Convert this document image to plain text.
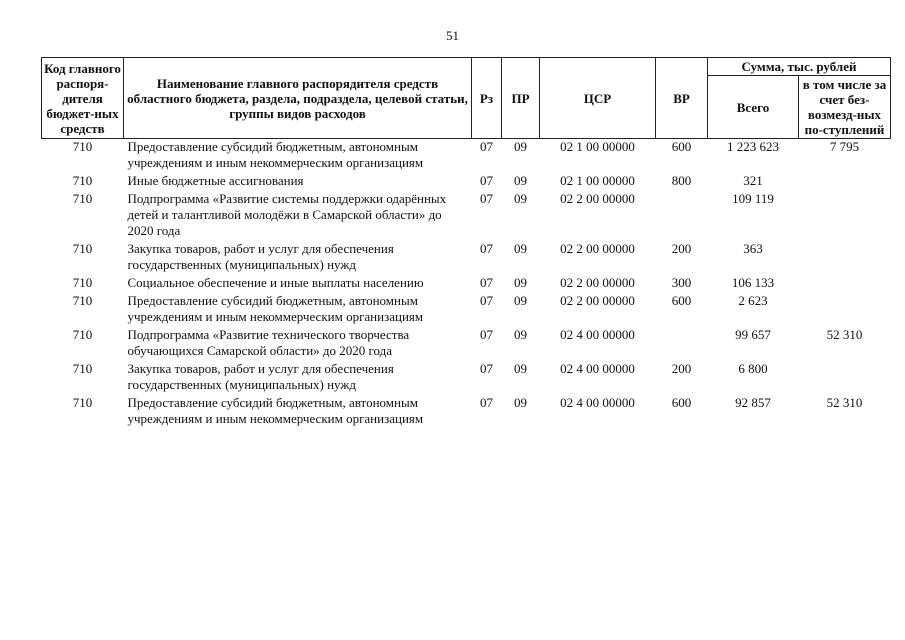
51
Код главного распоря-дителя бюджет-ных средств	Наименование главного распорядителя средств областного бюджета, раздела, подраздела, целевой статьи, группы видов расходов	Рз	ПР	ЦСР	ВР	Сумма, тыс. рублей	
						Всего	в том числе за счет без-возмезд-ных по-ступлений
710	Предоставление субсидий бюджетным, автономным учреждениям и иным некоммерческим организациям	07	09	02 1 00 00000	600	1 223 623	7 795
710	Иные бюджетные ассигнования	07	09	02 1 00 00000	800	321	
710	Подпрограмма «Развитие системы поддержки одарённых детей и талантливой молодёжи в Самарской области» до 2020 года	07	09	02 2 00 00000		109 119	
710	Закупка товаров, работ и услуг для обеспечения государственных (муниципальных) нужд	07	09	02 2 00 00000	200	363	
710	Социальное обеспечение и иные выплаты населению	07	09	02 2 00 00000	300	106 133	
710	Предоставление субсидий бюджетным, автономным учреждениям и иным некоммерческим организациям	07	09	02 2 00 00000	600	2 623	
710	Подпрограмма «Развитие технического творчества обучающихся Самарской области» до 2020 года	07	09	02 4 00 00000		99 657	52 310
710	Закупка товаров, работ и услуг для обеспечения государственных (муниципальных) нужд	07	09	02 4 00 00000	200	6 800	
710	Предоставление субсидий бюджетным, автономным учреждениям и иным некоммерческим организациям	07	09	02 4 00 00000	600	92 857	52 310
